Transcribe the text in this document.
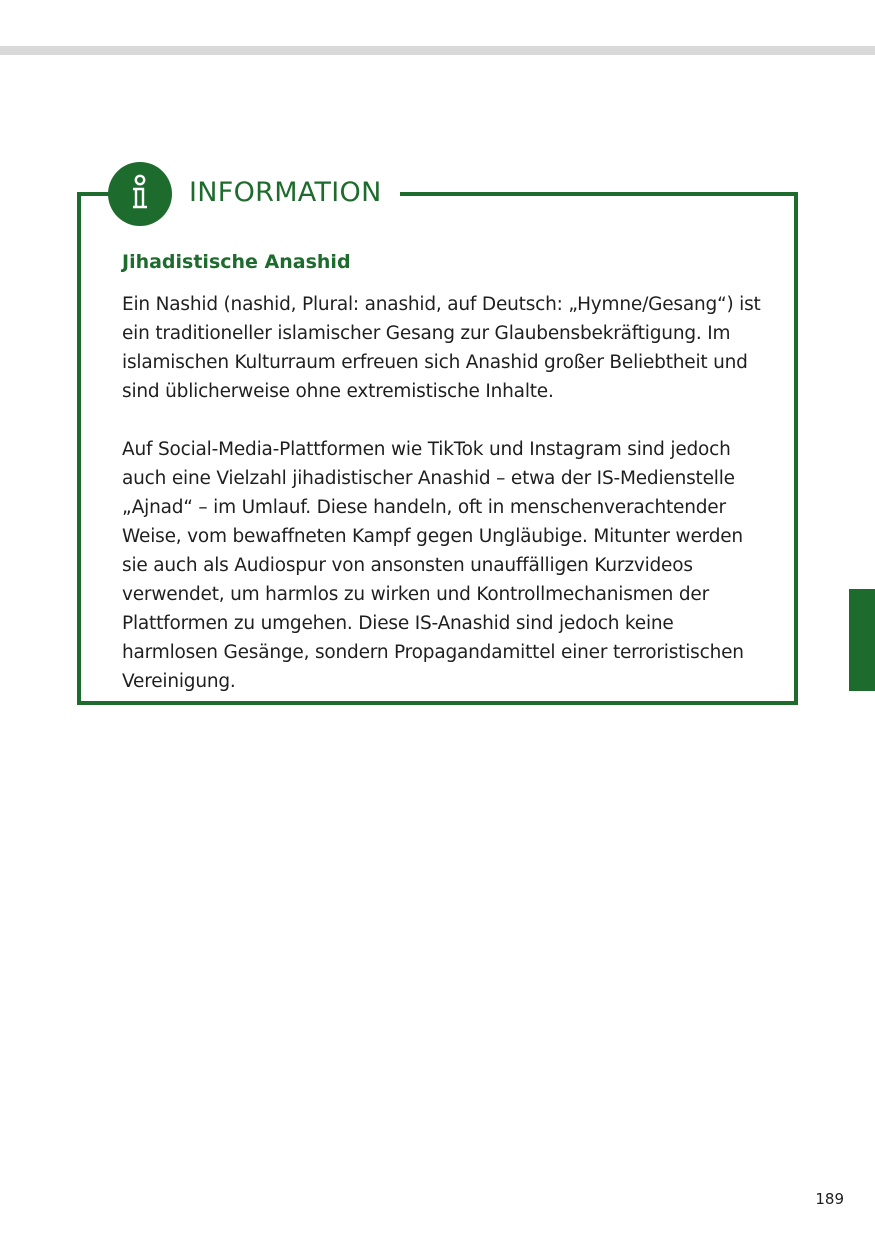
INFORMATION

Jihadistische Anashid

Ein Nashid (nashid, Plural: anashid, auf Deutsch: „Hymne/Gesang“) ist ein traditioneller islamischer Gesang zur Glaubensbekräftigung. Im islamischen Kulturraum erfreuen sich Anashid großer Beliebtheit und sind üblicherweise ohne extremistische Inhalte.

Auf Social-Media-Plattformen wie TikTok und Instagram sind jedoch auch eine Vielzahl jihadistischer Anashid – etwa der IS-Medienstelle „Ajnad“ – im Umlauf. Diese handeln, oft in menschenverachtender Weise, vom bewaffneten Kampf gegen Ungläubige. Mitunter werden sie auch als Audiospur von ansonsten unauffälligen Kurzvideos verwendet, um harmlos zu wirken und Kontrollmechanismen der Plattformen zu umgehen. Diese IS-Anashid sind jedoch keine harmlosen Gesänge, sondern Propagandamittel einer terroristischen Vereinigung.

189
